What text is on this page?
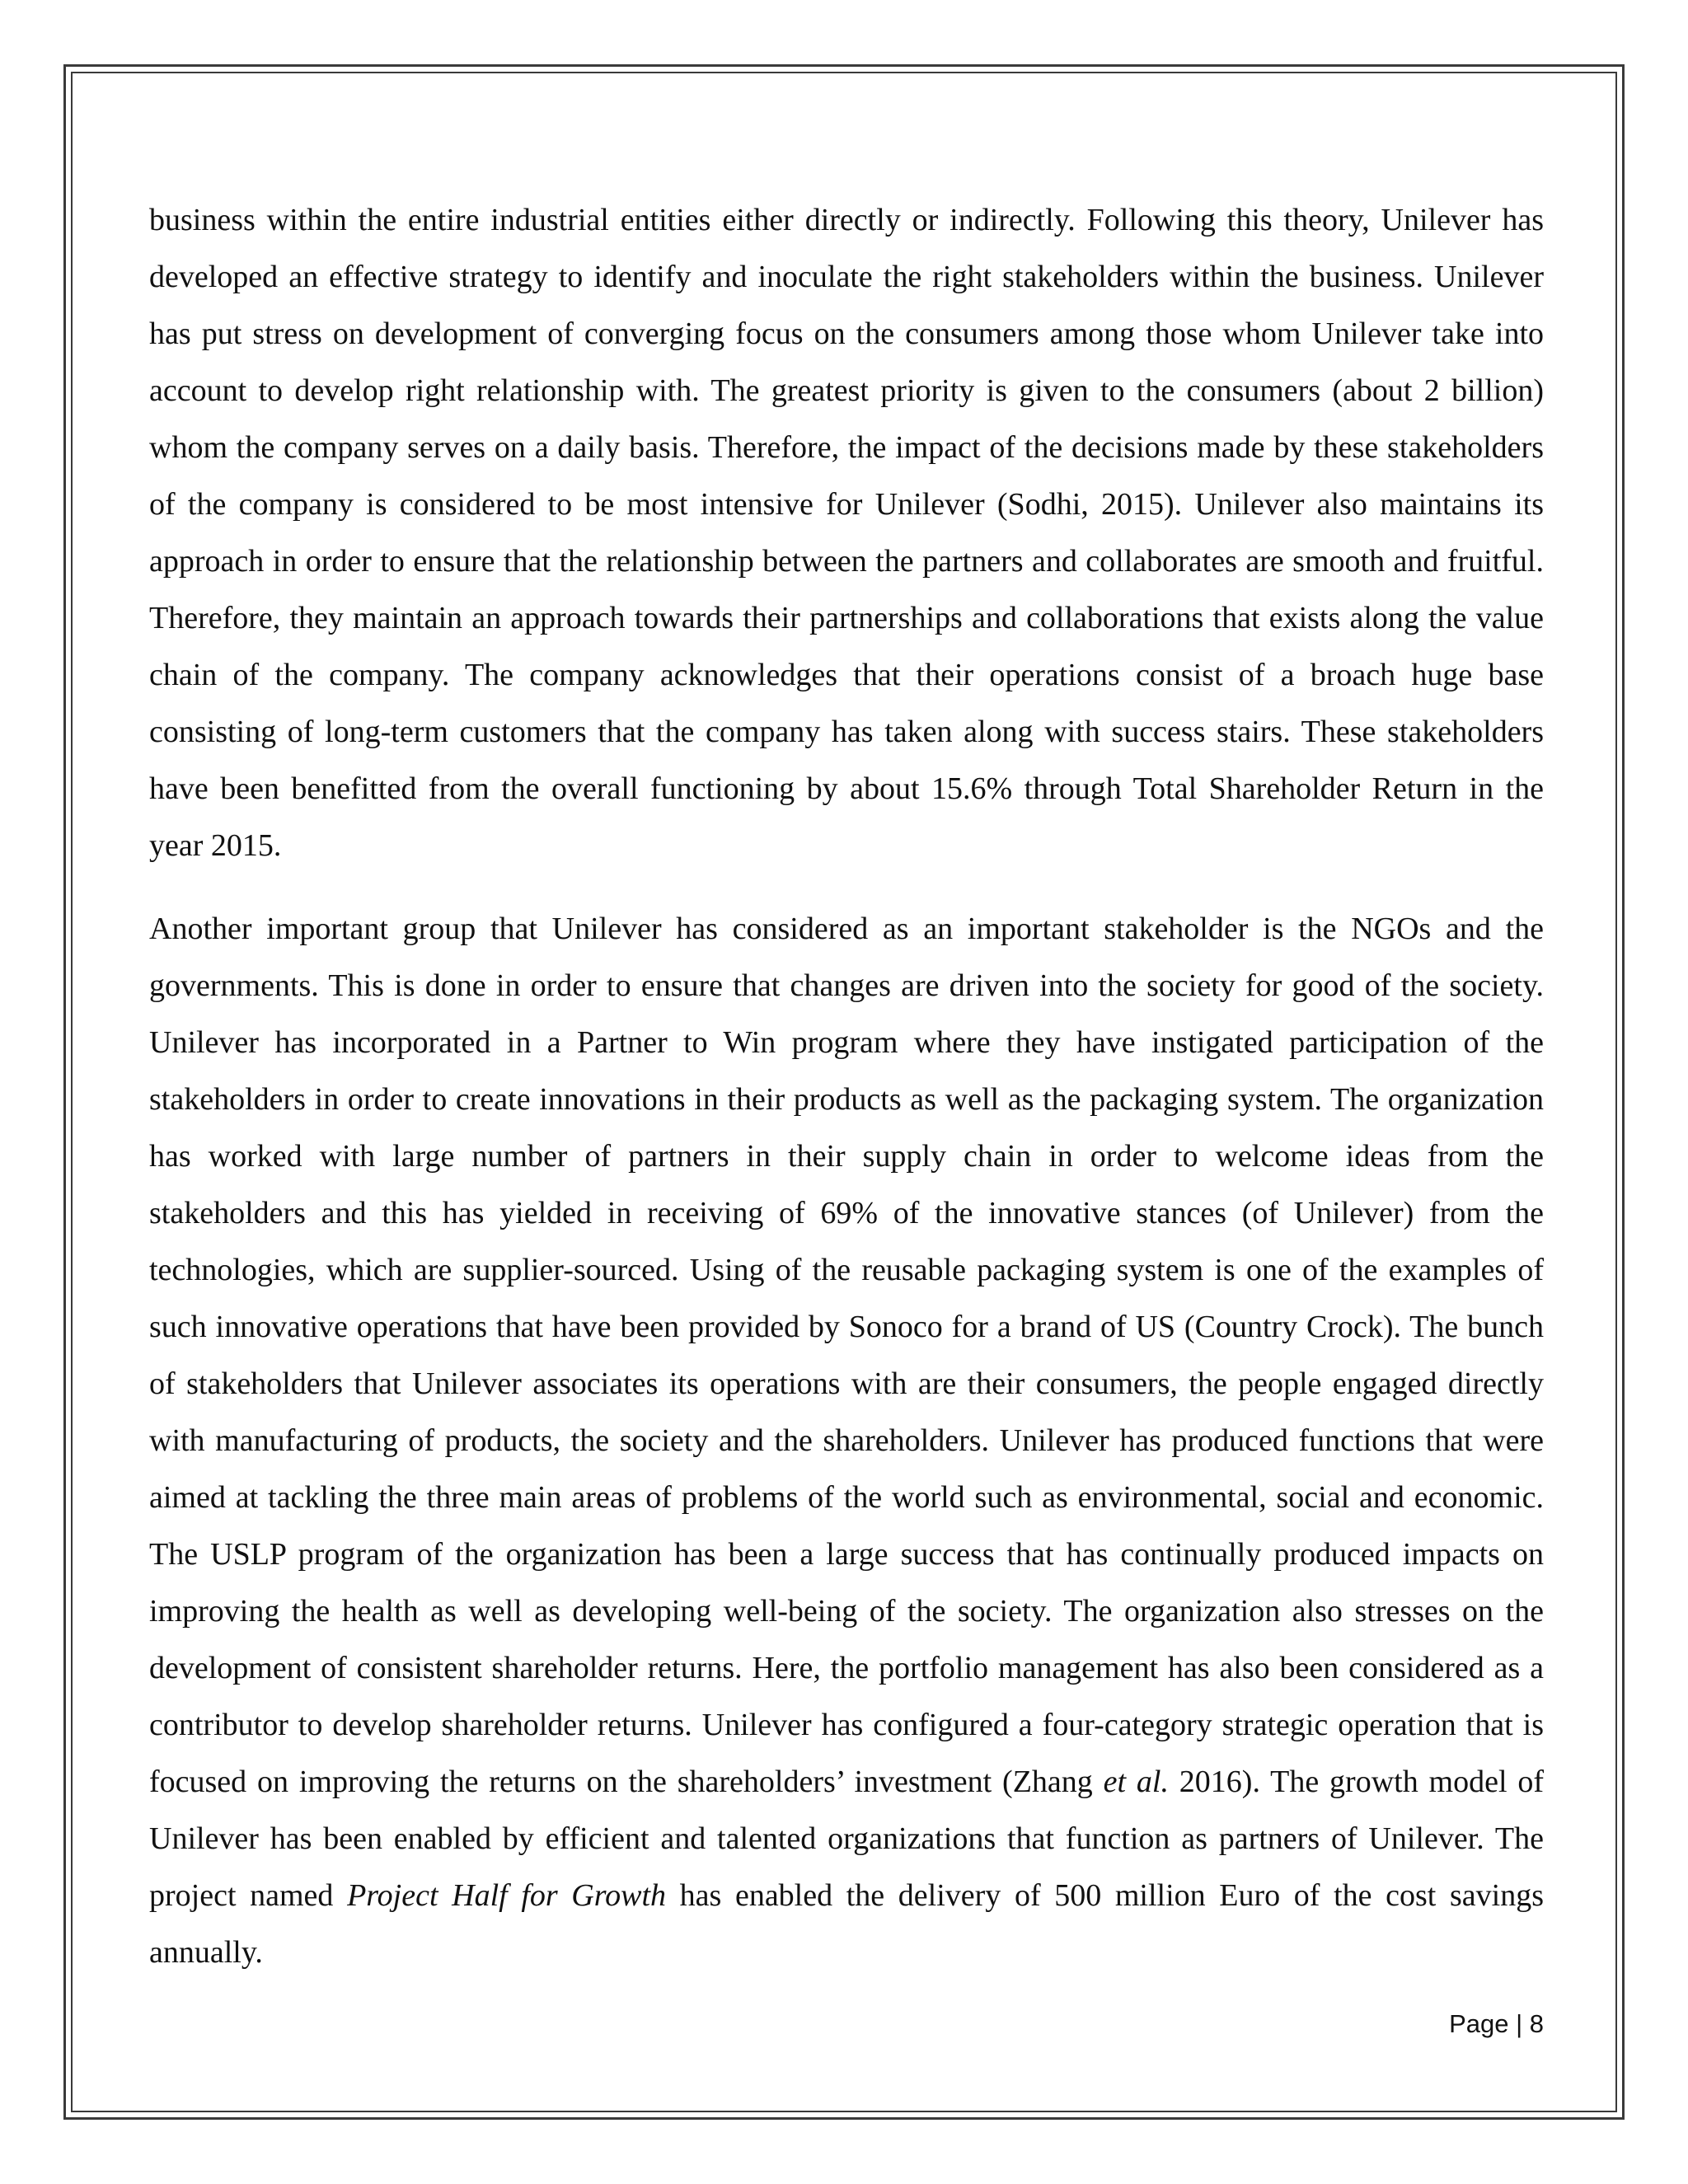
business within the entire industrial entities either directly or indirectly. Following this theory, Unilever has developed an effective strategy to identify and inoculate the right stakeholders within the business. Unilever has put stress on development of converging focus on the consumers among those whom Unilever take into account to develop right relationship with. The greatest priority is given to the consumers (about 2 billion) whom the company serves on a daily basis. Therefore, the impact of the decisions made by these stakeholders of the company is considered to be most intensive for Unilever (Sodhi, 2015). Unilever also maintains its approach in order to ensure that the relationship between the partners and collaborates are smooth and fruitful. Therefore, they maintain an approach towards their partnerships and collaborations that exists along the value chain of the company. The company acknowledges that their operations consist of a broach huge base consisting of long-term customers that the company has taken along with success stairs. These stakeholders have been benefitted from the overall functioning by about 15.6% through Total Shareholder Return in the year 2015.

Another important group that Unilever has considered as an important stakeholder is the NGOs and the governments. This is done in order to ensure that changes are driven into the society for good of the society. Unilever has incorporated in a Partner to Win program where they have instigated participation of the stakeholders in order to create innovations in their products as well as the packaging system. The organization has worked with large number of partners in their supply chain in order to welcome ideas from the stakeholders and this has yielded in receiving of 69% of the innovative stances (of Unilever) from the technologies, which are supplier-sourced. Using of the reusable packaging system is one of the examples of such innovative operations that have been provided by Sonoco for a brand of US (Country Crock). The bunch of stakeholders that Unilever associates its operations with are their consumers, the people engaged directly with manufacturing of products, the society and the shareholders. Unilever has produced functions that were aimed at tackling the three main areas of problems of the world such as environmental, social and economic. The USLP program of the organization has been a large success that has continually produced impacts on improving the health as well as developing well-being of the society. The organization also stresses on the development of consistent shareholder returns. Here, the portfolio management has also been considered as a contributor to develop shareholder returns. Unilever has configured a four-category strategic operation that is focused on improving the returns on the shareholders’ investment (Zhang et al. 2016). The growth model of Unilever has been enabled by efficient and talented organizations that function as partners of Unilever. The project named Project Half for Growth has enabled the delivery of 500 million Euro of the cost savings annually.

Page | 8
